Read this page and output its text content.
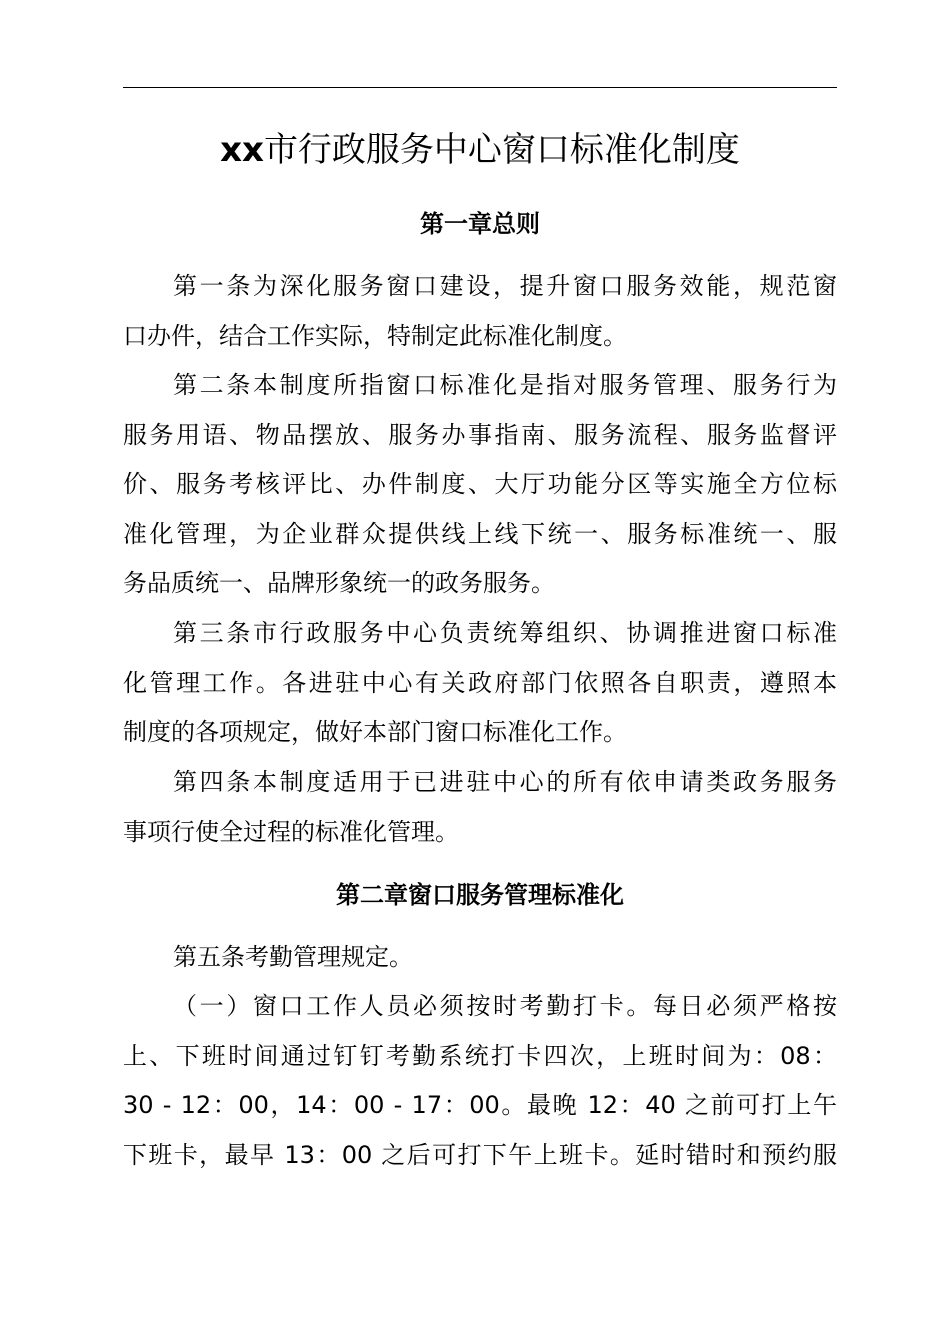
xx市行政服务中心窗口标准化制度
第一章总则
第一条为深化服务窗口建设，提升窗口服务效能，规范窗
口办件，结合工作实际，特制定此标准化制度。
第二条本制度所指窗口标准化是指对服务管理、服务行为
服务用语、物品摆放、服务办事指南、服务流程、服务监督评
价、服务考核评比、办件制度、大厅功能分区等实施全方位标
准化管理，为企业群众提供线上线下统一、服务标准统一、服
务品质统一、品牌形象统一的政务服务。
第三条市行政服务中心负责统筹组织、协调推进窗口标准
化管理工作。各进驻中心有关政府部门依照各自职责，遵照本
制度的各项规定，做好本部门窗口标准化工作。
第四条本制度适用于已进驻中心的所有依申请类政务服务
事项行使全过程的标准化管理。
第二章窗口服务管理标准化
第五条考勤管理规定。
（一）窗口工作人员必须按时考勤打卡。每日必须严格按
上、下班时间通过钉钉考勤系统打卡四次，上班时间为：08：
30 - 12：00，14：00 - 17：00。最晚 12：40 之前可打上午
下班卡，最早 13：00 之后可打下午上班卡。延时错时和预约服
